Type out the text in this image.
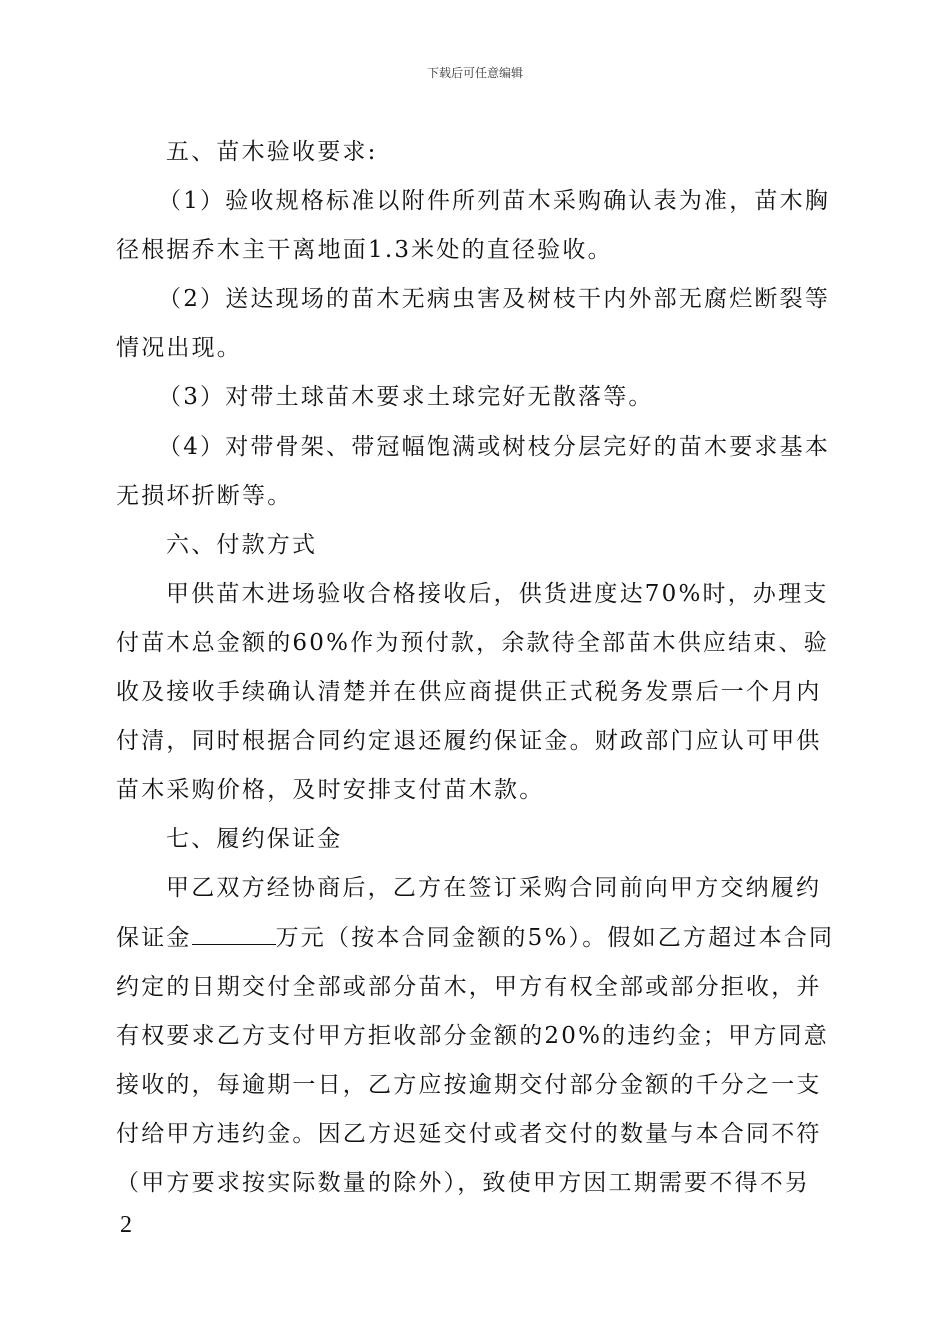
下载后可任意编辑
五、苗木验收要求:
（1）验收规格标准以附件所列苗木采购确认表为准，苗木胸
径根据乔木主干离地面1.3米处的直径验收。
（2）送达现场的苗木无病虫害及树枝干内外部无腐烂断裂等
情况出现。
（3）对带土球苗木要求土球完好无散落等。
（4）对带骨架、带冠幅饱满或树枝分层完好的苗木要求基本
无损坏折断等。
六、付款方式
甲供苗木进场验收合格接收后，供货进度达70%时，办理支
付苗木总金额的60%作为预付款，余款待全部苗木供应结束、验
收及接收手续确认清楚并在供应商提供正式税务发票后一个月内
付清，同时根据合同约定退还履约保证金。财政部门应认可甲供
苗木采购价格，及时安排支付苗木款。
七、履约保证金
甲乙双方经协商后，乙方在签订采购合同前向甲方交纳履约
保证金	万元（按本合同金额的5%）。假如乙方超过本合同
约定的日期交付全部或部分苗木，甲方有权全部或部分拒收，并
有权要求乙方支付甲方拒收部分金额的20%的违约金；甲方同意
接收的，每逾期一日，乙方应按逾期交付部分金额的千分之一支
付给甲方违约金。因乙方迟延交付或者交付的数量与本合同不符
（甲方要求按实际数量的除外），致使甲方因工期需要不得不另
2
